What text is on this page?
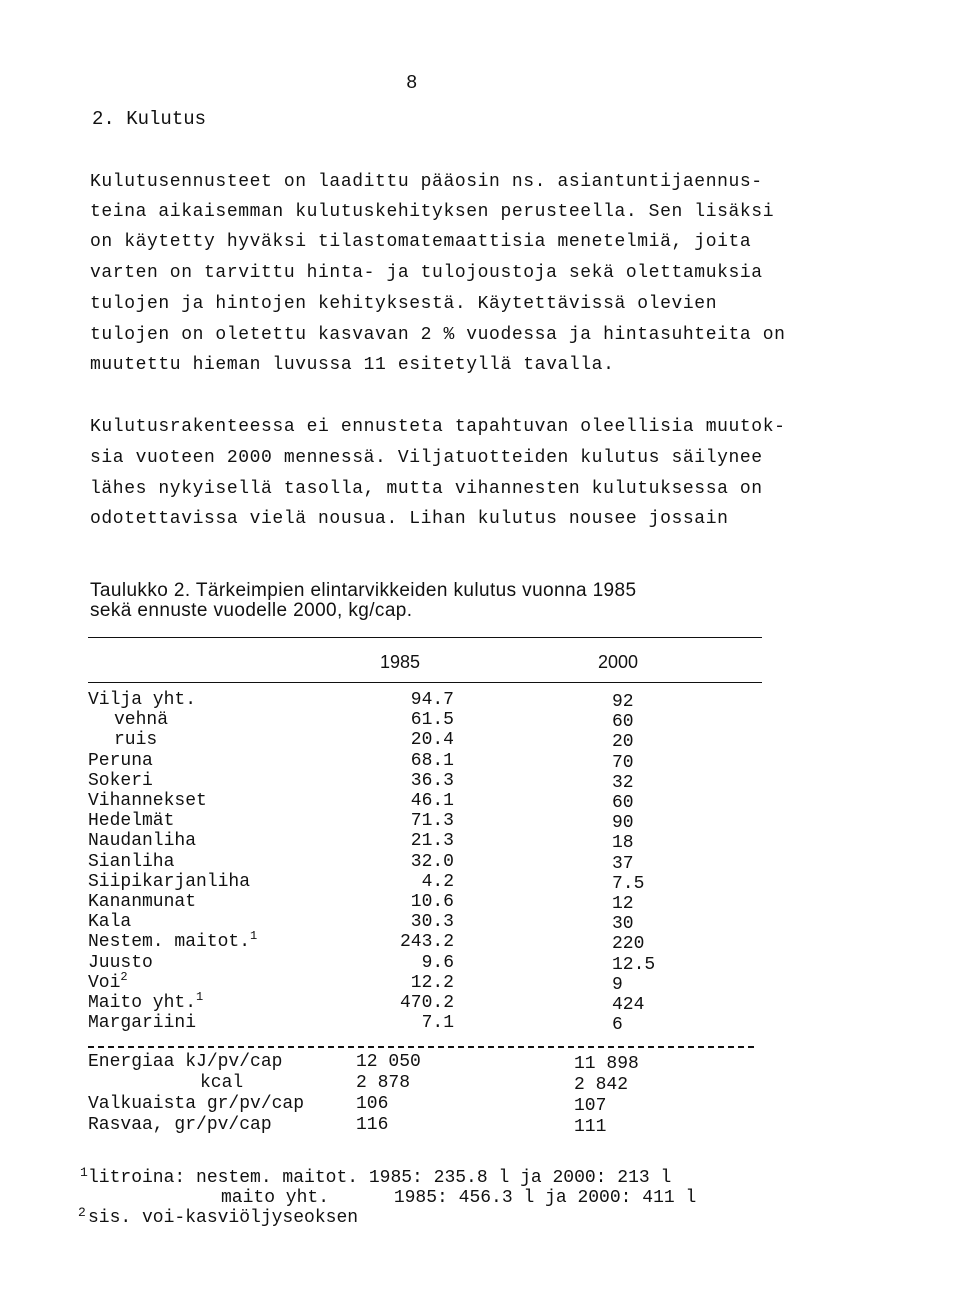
8
2. Kulutus
Kulutusennusteet on laadittu pääosin ns. asiantuntijaennus-
teina aikaisemman kulutuskehityksen perusteella. Sen lisäksi
on käytetty hyväksi tilastomatemaattisia menetelmiä, joita
varten on tarvittu hinta- ja tulojoustoja sekä olettamuksia
tulojen ja hintojen kehityksestä. Käytettävissä olevien
tulojen on oletettu kasvavan 2 % vuodessa ja hintasuhteita on
muutettu hieman luvussa 11 esitetyllä tavalla.
Kulutusrakenteessa ei ennusteta tapahtuvan oleellisia muutok-
sia vuoteen 2000 mennessä. Viljatuotteiden kulutus säilynee
lähes nykyisellä tasolla, mutta vihannesten kulutuksessa on
odotettavissa vielä nousua. Lihan kulutus nousee jossain
Taulukko 2. Tärkeimpien elintarvikkeiden kulutus vuonna 1985
sekä ennuste vuodelle 2000, kg/cap.
1985	2000
Vilja yht.	94.7	92
vehnä	61.5	60
ruis	20.4	20
Peruna	68.1	70
Sokeri	36.3	32
Vihannekset	46.1	60
Hedelmät	71.3	90
Naudanliha	21.3	18
Sianliha	32.0	37
Siipikarjanliha	4.2	7.5
Kananmunat	10.6	12
Kala	30.3	30
Nestem. maitot.$^1$	243.2	220
Juusto	9.6	12.5
Voi$^2$	12.2	9
Maito yht.$^1$	470.2	424
Margariini	7.1	6
Energiaa kJ/pv/cap	12 050	11 898
kcal	2 878	2 842
Valkuaista gr/pv/cap	106	107
Rasvaa, gr/pv/cap	116	111
1 litroina: nestem. maitot. 1985: 235.8 l ja 2000: 213 l
maito yht.      1985: 456.3 l ja 2000: 411 l
2 sis. voi-kasviöljyseoksen
